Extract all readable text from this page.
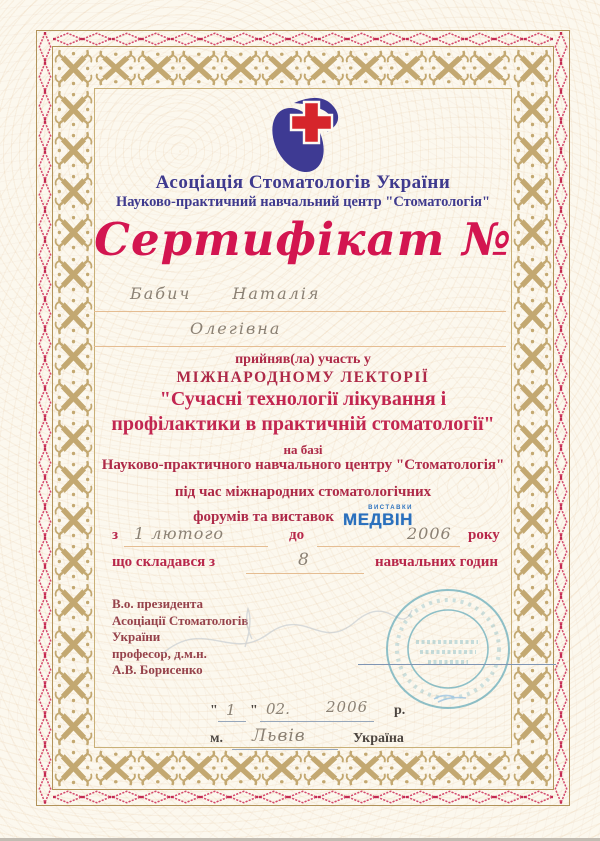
Асоціація Стоматологів України
Науково-практичний навчальний центр "Стоматологія"
Сертифікат №
Бабич Наталія
Олегівна
прийняв(ла) участь у
МІЖНАРОДНОМУ ЛЕКТОРІЇ
"Сучасні технології лікування і
профілактики в практичній стоматології"
на базі
Науково-практичного навчального центру "Стоматологія"
під час міжнародних стоматологічних
форумів та виставок
ВИСТАВКИ
МЕДВІН
з 1 лютого	до	2006 року
що складався з	8	навчальних годин
В.о. президента
Асоціації Стоматологів
України
професор, д.м.н.
А.В. Борисенко
" 1 " 02. 2006 р.
м. Львів	Україна
